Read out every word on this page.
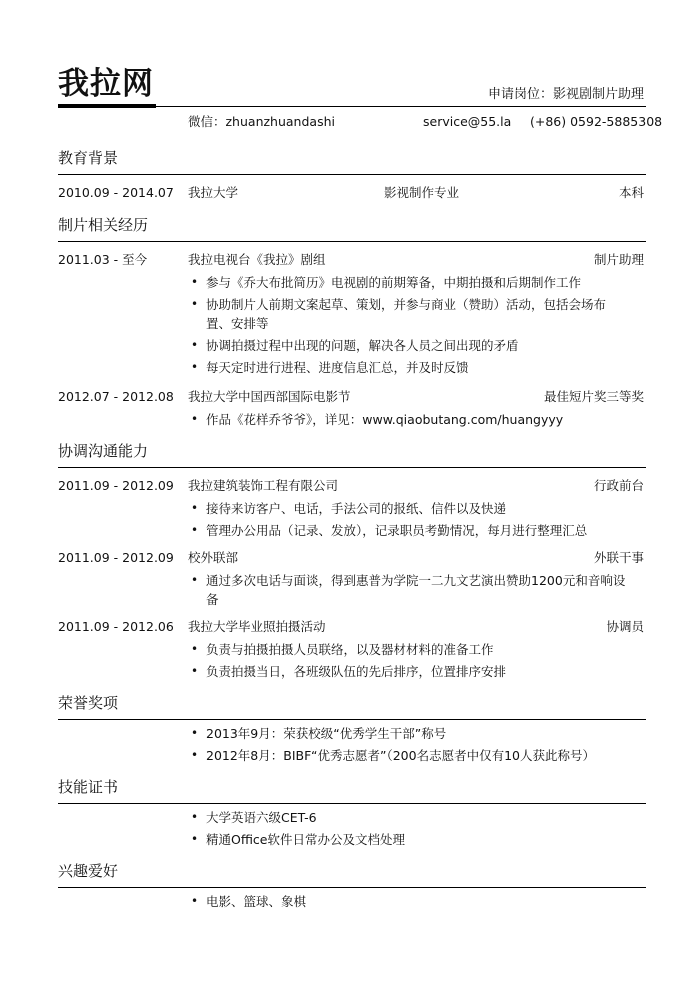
我拉网	申请岗位：影视剧制片助理
微信：zhuanzhuandashi	service@55.la (+86) 0592-5885308
教育背景
2010.09 - 2014.07 我拉大学	影视制作专业	本科
制片相关经历
2011.03 - 至今	我拉电视台《我拉》剧组	制片助理
• 参与《乔大布批简历》电视剧的前期筹备，中期拍摄和后期制作工作
• 协助制片人前期文案起草、策划，并参与商业（赞助）活动，包括会场布置、安排等
• 协调拍摄过程中出现的问题，解决各人员之间出现的矛盾
• 每天定时进行进程、进度信息汇总，并及时反馈
2012.07 - 2012.08 我拉大学中国西部国际电影节	最佳短片奖三等奖
• 作品《花样乔爷爷》，详见：www.qiaobutang.com/huangyyy
协调沟通能力
2011.09 - 2012.09 我拉建筑装饰工程有限公司	行政前台
• 接待来访客户、电话，手法公司的报纸、信件以及快递
• 管理办公用品（记录、发放），记录职员考勤情况，每月进行整理汇总
2011.09 - 2012.09 校外联部	外联干事
• 通过多次电话与面谈，得到惠普为学院一二九文艺演出赞助1200元和音响设备
2011.09 - 2012.06 我拉大学毕业照拍摄活动	协调员
• 负责与拍摄拍摄人员联络，以及器材材料的准备工作
• 负责拍摄当日，各班级队伍的先后排序，位置排序安排
荣誉奖项
• 2013年9月：荣获校级“优秀学生干部”称号
• 2012年8月：BIBF“优秀志愿者”（200名志愿者中仅有10人获此称号）
技能证书
• 大学英语六级CET-6
• 精通Office软件日常办公及文档处理
兴趣爱好
• 电影、篮球、象棋
